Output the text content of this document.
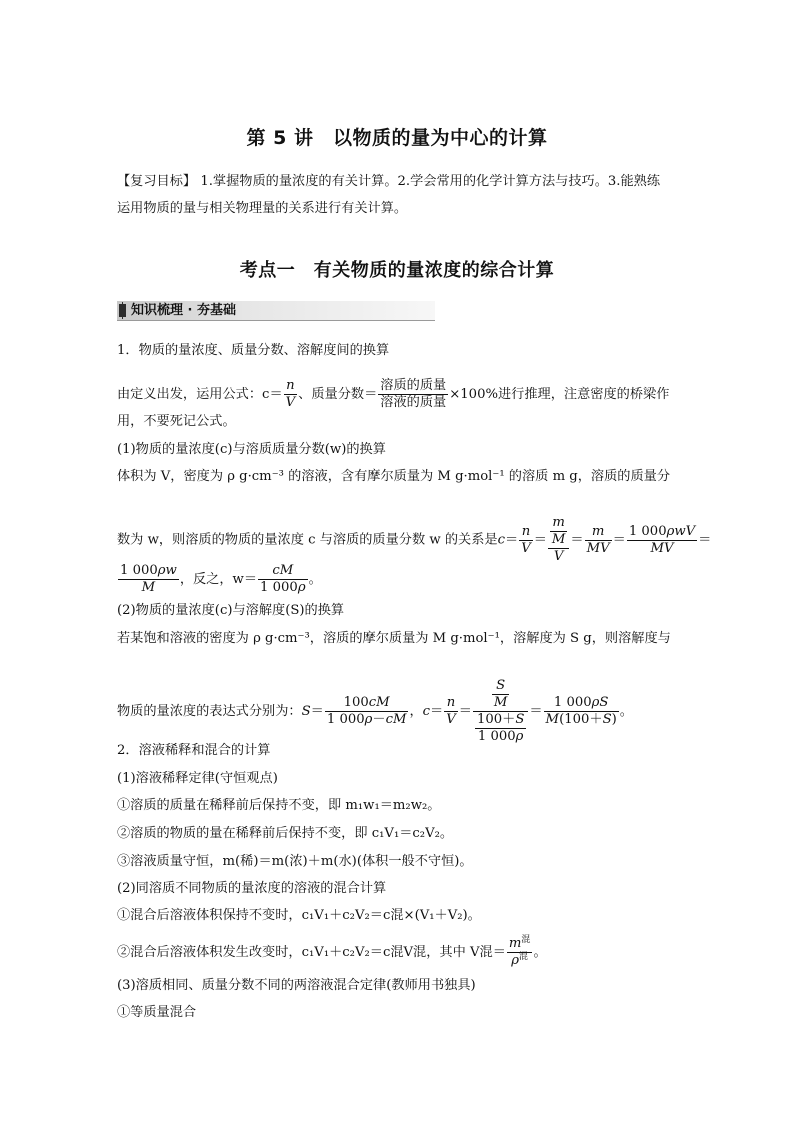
第 5 讲　以物质的量为中心的计算
【复习目标】 1.掌握物质的量浓度的有关计算。2.学会常用的化学计算方法与技巧。3.能熟练
运用物质的量与相关物理量的关系进行有关计算。
考点一　有关物质的量浓度的综合计算
知识梳理 · 夯基础
1．物质的量浓度、质量分数、溶解度间的换算
由定义出发，运用公式：$c= \frac{n}{V}$ 、质量分数＝ $\frac{\text{溶质的质量}}{\text{溶液的质量}} \times 100\%$进行推理，注意密度的桥梁作
用，不要死记公式。
(1)物质的量浓度(c)与溶质质量分数(w)的换算
体积为 V，密度为 ρ g·cm⁻³ 的溶液，含有摩尔质量为 M g·mol⁻¹ 的溶质 m g，溶质的质量分
数为 w，则溶质的物质的量浓度 c 与溶质的质量分数 w 的关系是$c= \frac{n}{V} = \frac{\frac{m}{M}}{V} = \frac{m}{MV} = \frac{\text{1 000ρwV}}{MV}$ ＝
$\frac{1 000\rho w}{M}$ ，反之，$w= \frac{cM}{1 000\rho}$ 。
(2)物质的量浓度(c)与溶解度(S)的换算
若某饱和溶液的密度为 ρ g·cm⁻³，溶质的摩尔质量为 M g·mol⁻¹，溶解度为 S g，则溶解度与
物质的量浓度的表达式分别为：$S= \frac{100cM}{1 000\rho-cM}$ ，$c= \frac{n}{V} = \frac{\frac{S}{M}}{\frac{100+S}{1 000\rho}} = \frac{1 000\rho S}{M(100+S)}$ 。
2．溶液稀释和混合的计算
(1)溶液稀释定律(守恒观点)
①溶质的质量在稀释前后保持不变，即 m₁w₁＝m₂w₂。
②溶质的物质的量在稀释前后保持不变，即 c₁V₁＝c₂V₂。
③溶液质量守恒，m(稀)＝m(浓)＋m(水)(体积一般不守恒)。
(2)同溶质不同物质的量浓度的溶液的混合计算
①混合后溶液体积保持不变时，c₁V₁＋c₂V₂＝c混×(V₁＋V₂)。
②混合后溶液体积发生改变时，c₁V₁＋c₂V₂＝c混V混，其中 V混＝ $\frac{m^混}{\rho^混}$ 。
(3)溶质相同、质量分数不同的两溶液混合定律(教师用书独具)
①等质量混合
